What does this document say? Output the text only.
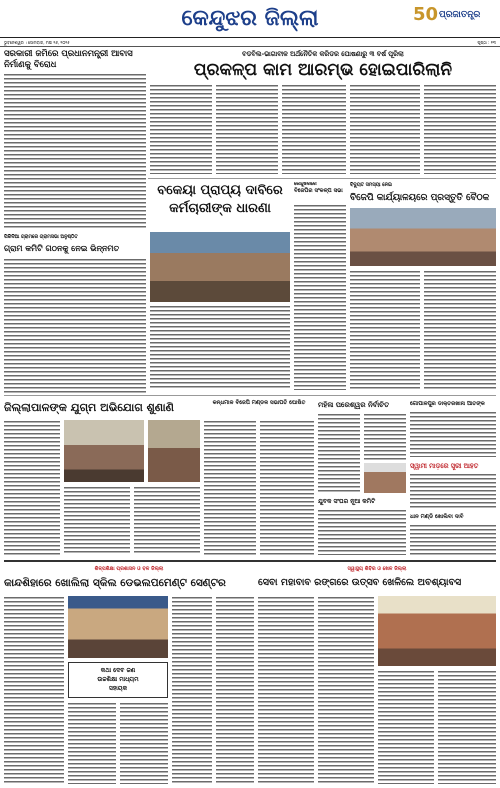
କେନ୍ଦୁଝର ଜିଲ୍ଲା	50 ପ୍ରଜାତନ୍ତ୍ର
ଭୁବନେଶ୍ୱର । ସୋମବାର, ମଇ ୨୬, ୨୦୨୫	ପୃଷ୍ଠା : ୧୩
ସରକାରୀ ଜମିରେ ପ୍ରଧାନମନ୍ତ୍ରୀ ଆବାସ ନିର୍ମାଣକୁ ବିରୋଧ
ବଡବିଲ-ଭାଗାବୀଳ ଅର୍ଥନୈତିକ କରିଡର ଘୋଷଣାରୁ ୩ ବର୍ଷ ପୂରିଲା
ପ୍ରକଳ୍ପ କାମ ଆରମ୍ଭ ହୋଇପାରିଲାନି
ପିରିଦିଆ ଗ୍ରାମରେ ଗ୍ରାମସଭା ଅନୁଷ୍ଠିତ
ଗ୍ରାମ କମିଟି ଗଠନକୁ ନେଇ ଭିନ୍ନମତ
ବକେୟା ପ୍ରାପ୍ୟ ଦାବିରେ
କର୍ମଚାରୀଙ୍କ ଧାରଣା
କେନ୍ଦୁଝରରେ
ବିଜେପିର ସଂକଳ୍ପ ସଭା
ବିଦ୍ୟୁତ ସମସ୍ୟା ନେଇ
ବିଜେପି କାର୍ଯ୍ୟାଳୟରେ ପ୍ରସ୍ତୁତି ବୈଠକ
ଜିଲ୍ଲାପାଳଙ୍କ ଯୁଗ୍ମ ଅଭିଯୋଗ ଶୁଣାଣି	କନ୍ଧମାଳ ବିଜେପି ମଣ୍ଡଳ ସଭାପତି ଘୋଷିତ	ମହିଳା ପରେଶ୍ୱର ନିର୍ବାଚିତ
ଯୁବକ ସଂଘର ନୂଆ କମିଟି
ଗୋପାଳପୁର ଡାକ୍ତରଖାନା ଆତଙ୍କ
ସ୍ୱାମୀ ମାଡ଼ରେ ସ୍ତ୍ରୀ ଆହତ
ଧାନ ମଣ୍ଡି ଖୋଲିବା ଦାବି
ଶିଳ୍ପଶିକ୍ଷା ପ୍ରଶାସନ ଓ ବଳ ଜିଲ୍ଲା
କାନ୍ଦଶିହାରେ ଖୋଲିଲା ସ୍କିଲ ଡେଭଲପମେଣ୍ଟ ସେଣ୍ଟର
କଥା ଦେବ ଜଣ
ଉଚ୍ଚଶିକ୍ଷା ମାଧ୍ୟମ
ସହାୟକ
ସ୍ୱାସ୍ଥ୍ୟ ଶିବିର ଓ ଖେଳ ଜିଲ୍ଲା
ସେବା ମହାବାବ ରଙ୍ଗରେ ଉତ୍ସବ ଖେଳିଲେ ଅବଶ୍ୟାବସ
